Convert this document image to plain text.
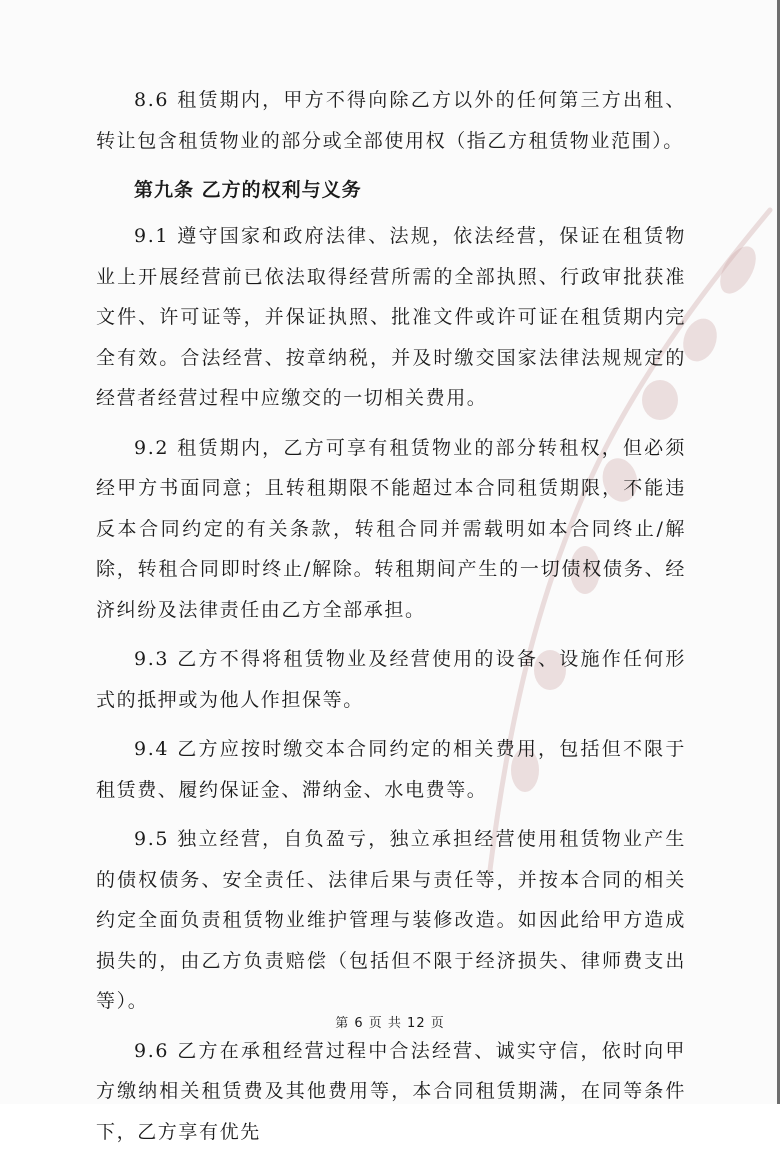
8.6 租赁期内，甲方不得向除乙方以外的任何第三方出租、转让包含租赁物业的部分或全部使用权（指乙方租赁物业范围）。

第九条 乙方的权利与义务

9.1 遵守国家和政府法律、法规，依法经营，保证在租赁物业上开展经营前已依法取得经营所需的全部执照、行政审批获准文件、许可证等，并保证执照、批准文件或许可证在租赁期内完全有效。合法经营、按章纳税，并及时缴交国家法律法规规定的经营者经营过程中应缴交的一切相关费用。

9.2 租赁期内，乙方可享有租赁物业的部分转租权，但必须经甲方书面同意；且转租期限不能超过本合同租赁期限，不能违反本合同约定的有关条款，转租合同并需载明如本合同终止/解除，转租合同即时终止/解除。转租期间产生的一切债权债务、经济纠纷及法律责任由乙方全部承担。

9.3 乙方不得将租赁物业及经营使用的设备、设施作任何形式的抵押或为他人作担保等。

9.4 乙方应按时缴交本合同约定的相关费用，包括但不限于租赁费、履约保证金、滞纳金、水电费等。

9.5 独立经营，自负盈亏，独立承担经营使用租赁物业产生的债权债务、安全责任、法律后果与责任等，并按本合同的相关约定全面负责租赁物业维护管理与装修改造。如因此给甲方造成损失的，由乙方负责赔偿（包括但不限于经济损失、律师费支出等）。

9.6 乙方在承租经营过程中合法经营、诚实守信，依时向甲方缴纳相关租赁费及其他费用等，本合同租赁期满，在同等条件下，乙方享有优先

第 6 页 共 12 页
